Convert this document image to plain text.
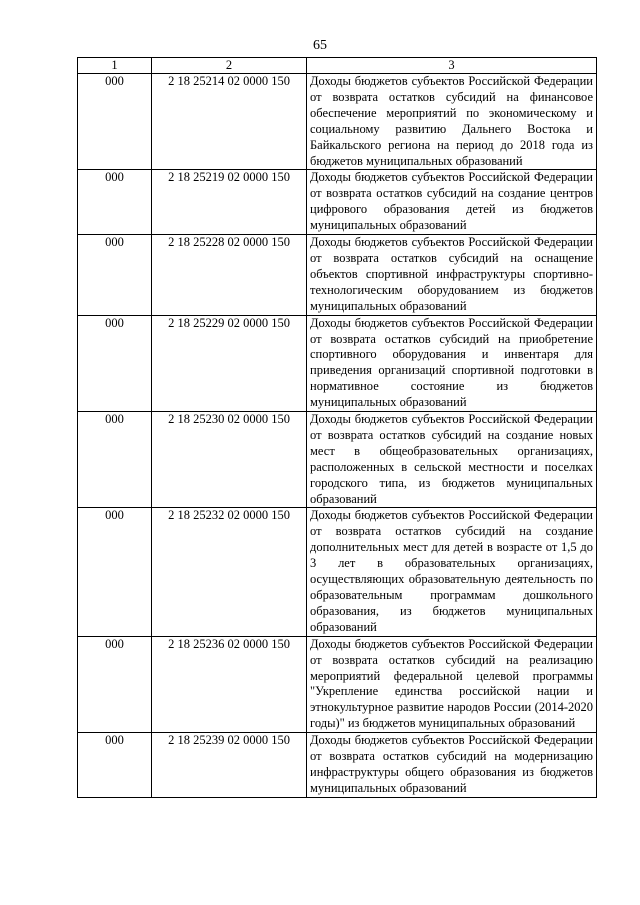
65
1	2	3
000	2 18 25214 02 0000 150	Доходы бюджетов субъектов Российской Федерации от возврата остатков субсидий на финансовое обеспечение мероприятий по экономическому и социальному развитию Дальнего Востока и Байкальского региона на период до 2018 года из бюджетов муниципальных образований
000	2 18 25219 02 0000 150	Доходы бюджетов субъектов Российской Федерации от возврата остатков субсидий на создание центров цифрового образования детей из бюджетов муниципальных образований
000	2 18 25228 02 0000 150	Доходы бюджетов субъектов Российской Федерации от возврата остатков субсидий на оснащение объектов спортивной инфраструктуры спортивно-технологическим оборудованием из бюджетов муниципальных образований
000	2 18 25229 02 0000 150	Доходы бюджетов субъектов Российской Федерации от возврата остатков субсидий на приобретение спортивного оборудования и инвентаря для приведения организаций спортивной подготовки в нормативное состояние из бюджетов муниципальных образований
000	2 18 25230 02 0000 150	Доходы бюджетов субъектов Российской Федерации от возврата остатков субсидий на создание новых мест в общеобразовательных организациях, расположенных в сельской местности и поселках городского типа, из бюджетов муниципальных образований
000	2 18 25232 02 0000 150	Доходы бюджетов субъектов Российской Федерации от возврата остатков субсидий на создание дополнительных мест для детей в возрасте от 1,5 до 3 лет в образовательных организациях, осуществляющих образовательную деятельность по образовательным программам дошкольного образования, из бюджетов муниципальных образований
000	2 18 25236 02 0000 150	Доходы бюджетов субъектов Российской Федерации от возврата остатков субсидий на реализацию мероприятий федеральной целевой программы "Укрепление единства российской нации и этнокультурное развитие народов России (2014-2020 годы)" из бюджетов муниципальных образований
000	2 18 25239 02 0000 150	Доходы бюджетов субъектов Российской Федерации от возврата остатков субсидий на модернизацию инфраструктуры общего образования из бюджетов муниципальных образований
